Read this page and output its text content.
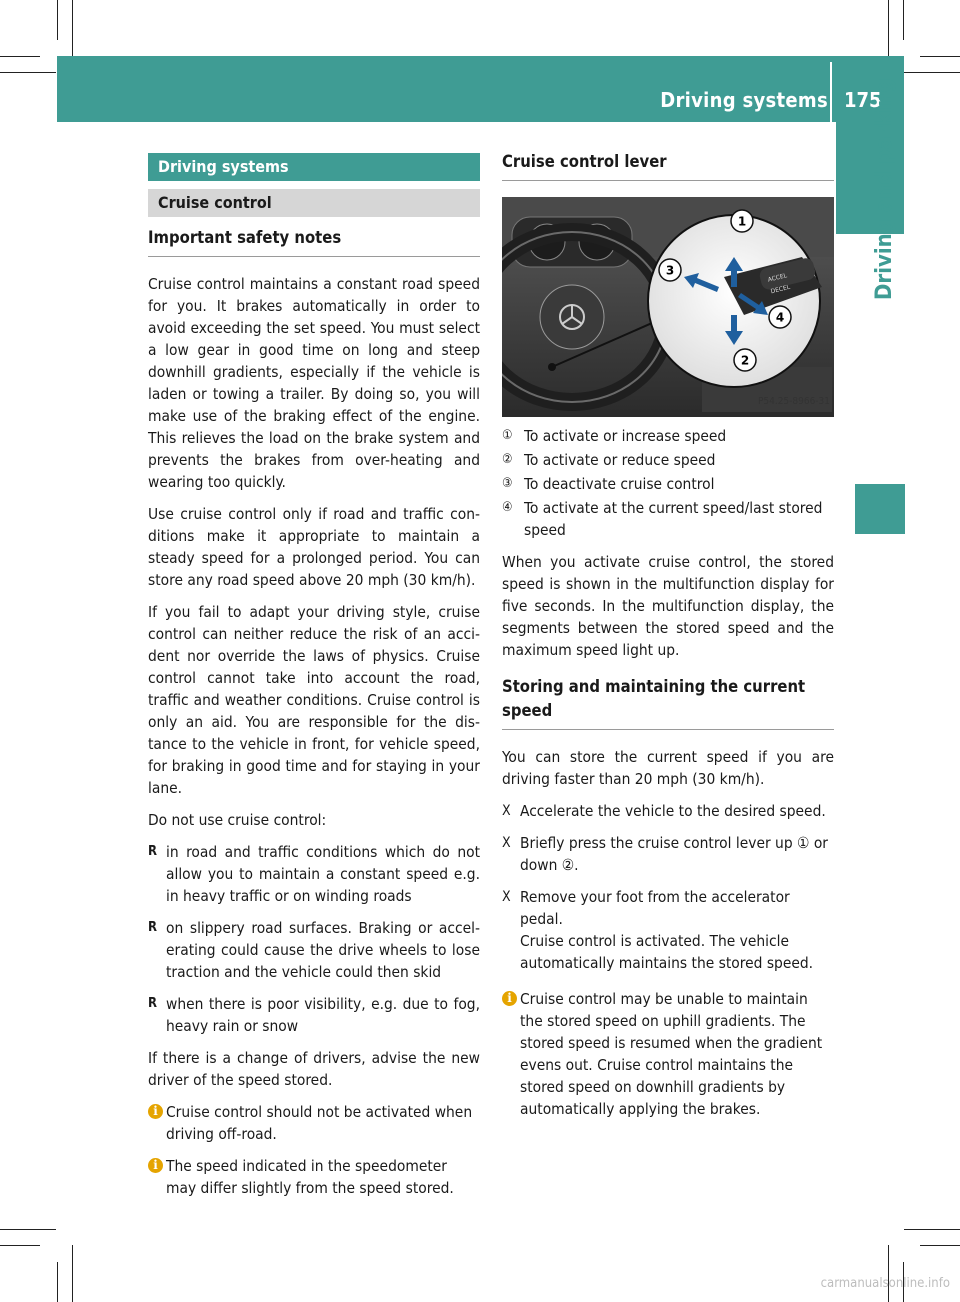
Driving systems 175
Driving and parking
Driving systems
Cruise control
Important safety notes

Cruise control maintains a constant road speed for you. It brakes automatically in order to avoid exceeding the set speed. You must select a low gear in good time on long and steep downhill gradients, especially if the vehicle is laden or towing a trailer. By doing so, you will make use of the braking effect of the engine. This relieves the load on the brake system and prevents the brakes from over-heating and wearing too quickly.

Use cruise control only if road and traffic con-ditions make it appropriate to maintain a steady speed for a prolonged period. You can store any road speed above 20 mph (30 km/h).

If you fail to adapt your driving style, cruise control can neither reduce the risk of an acci-dent nor override the laws of physics. Cruise control cannot take into account the road, traffic and weather conditions. Cruise control is only an aid. You are responsible for the dis-tance to the vehicle in front, for vehicle speed, for braking in good time and for staying in your lane.

Do not use cruise control:

R in road and traffic conditions which do not allow you to maintain a constant speed e.g. in heavy traffic or on winding roads
R on slippery road surfaces. Braking or accel-erating could cause the drive wheels to lose traction and the vehicle could then skid
R when there is poor visibility, e.g. due to fog, heavy rain or snow

If there is a change of drivers, advise the new driver of the speed stored.

i Cruise control should not be activated when driving off-road.
i The speed indicated in the speedometer may differ slightly from the speed stored.
Cruise control lever
ACCEL
DECEL
1
2
3
4
P54.25-8966-31
① To activate or increase speed
② To activate or reduce speed
③ To deactivate cruise control
④ To activate at the current speed/last stored speed

When you activate cruise control, the stored speed is shown in the multifunction display for five seconds. In the multifunction display, the segments between the stored speed and the maximum speed light up.

Storing and maintaining the current speed

You can store the current speed if you are driving faster than 20 mph (30 km/h).

X Accelerate the vehicle to the desired speed.
X Briefly press the cruise control lever up ① or down ②.
X Remove your foot from the accelerator pedal.
Cruise control is activated. The vehicle
automatically maintains the stored speed.
i Cruise control may be unable to maintain the stored speed on uphill gradients. The stored speed is resumed when the gradient evens out. Cruise control maintains the stored speed on downhill gradients by automatically applying the brakes.
carmanualsonline.info
